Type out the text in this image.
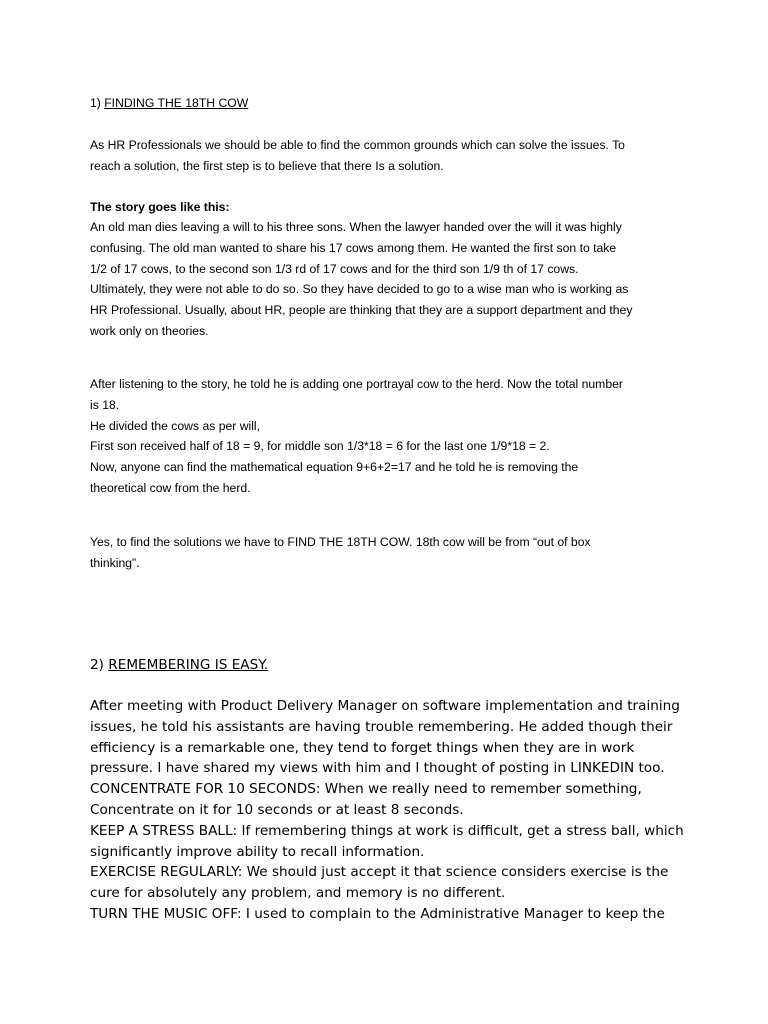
1) FINDING THE 18TH COW
As HR Professionals we should be able to find the common grounds which can solve the issues. To
reach a solution, the first step is to believe that there Is a solution.
The story goes like this:
An old man dies leaving a will to his three sons. When the lawyer handed over the will it was highly
confusing. The old man wanted to share his 17 cows among them. He wanted the first son to take
1/2 of 17 cows, to the second son 1/3 rd of 17 cows and for the third son 1/9 th of 17 cows.
Ultimately, they were not able to do so. So they have decided to go to a wise man who is working as
HR Professional. Usually, about HR, people are thinking that they are a support department and they
work only on theories.
After listening to the story, he told he is adding one portrayal cow to the herd. Now the total number
is 18.
He divided the cows as per will,
First son received half of 18 = 9, for middle son 1/3*18 = 6 for the last one 1/9*18 = 2.
Now, anyone can find the mathematical equation 9+6+2=17 and he told he is removing the
theoretical cow from the herd.
Yes, to find the solutions we have to FIND THE 18TH COW. 18th cow will be from “out of box
thinking”.
2) REMEMBERING IS EASY.
After meeting with Product Delivery Manager on software implementation and training
issues, he told his assistants are having trouble remembering. He added though their
efficiency is a remarkable one, they tend to forget things when they are in work
pressure. I have shared my views with him and I thought of posting in LINKEDIN too.
CONCENTRATE FOR 10 SECONDS: When we really need to remember something,
Concentrate on it for 10 seconds or at least 8 seconds.
KEEP A STRESS BALL: If remembering things at work is difficult, get a stress ball, which
significantly improve ability to recall information.
EXERCISE REGULARLY: We should just accept it that science considers exercise is the
cure for absolutely any problem, and memory is no different.
TURN THE MUSIC OFF: I used to complain to the Administrative Manager to keep the
